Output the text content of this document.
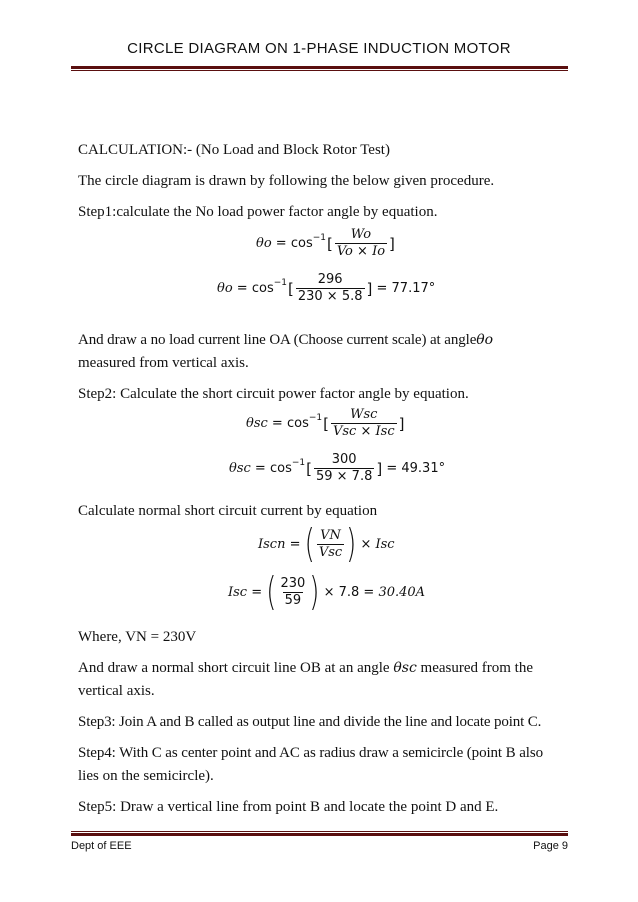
CIRCLE DIAGRAM ON 1-PHASE INDUCTION MOTOR
CALCULATION:- (No Load and Block Rotor Test)
The circle diagram is drawn by following the below given procedure.
Step1:calculate the No load power factor angle by equation.
θo
=
cos −1 [ $\frac{Wo}{Vo \times Io}$ ]
θo
=
cos −1 [ $\frac{296}{230 \times 5.8}$ ]
= 77.17°
And draw a no load current line OA (Choose current scale) at angleθo
measured from vertical axis.
Step2: Calculate the short circuit power factor angle by equation.
θsc
=
cos −1 [ $\frac{\text{Wsc}}{\text{Vsc × Isc}}$ ]
θsc
=
cos −1 [ $\frac{300}{59 \times 7.8}$ ]
= 49.31°
Calculate normal short circuit current by equation
Iscn
=
( $\frac{VN}{\text{Vsc}}$ )
×
Isc
Isc
=
( $\frac{230}{59}$ )
× 7.8 =
30.40A
Where, VN = 230V
And draw a normal short circuit line OB at an angle θsc measured from the
vertical axis.
Step3: Join A and B called as output line and divide the line and locate point C.
Step4: With C as center point and AC as radius draw a semicircle (point B also
lies on the semicircle).
Step5: Draw a vertical line from point B and locate the point D and E.
Dept of EEE	Page 9
